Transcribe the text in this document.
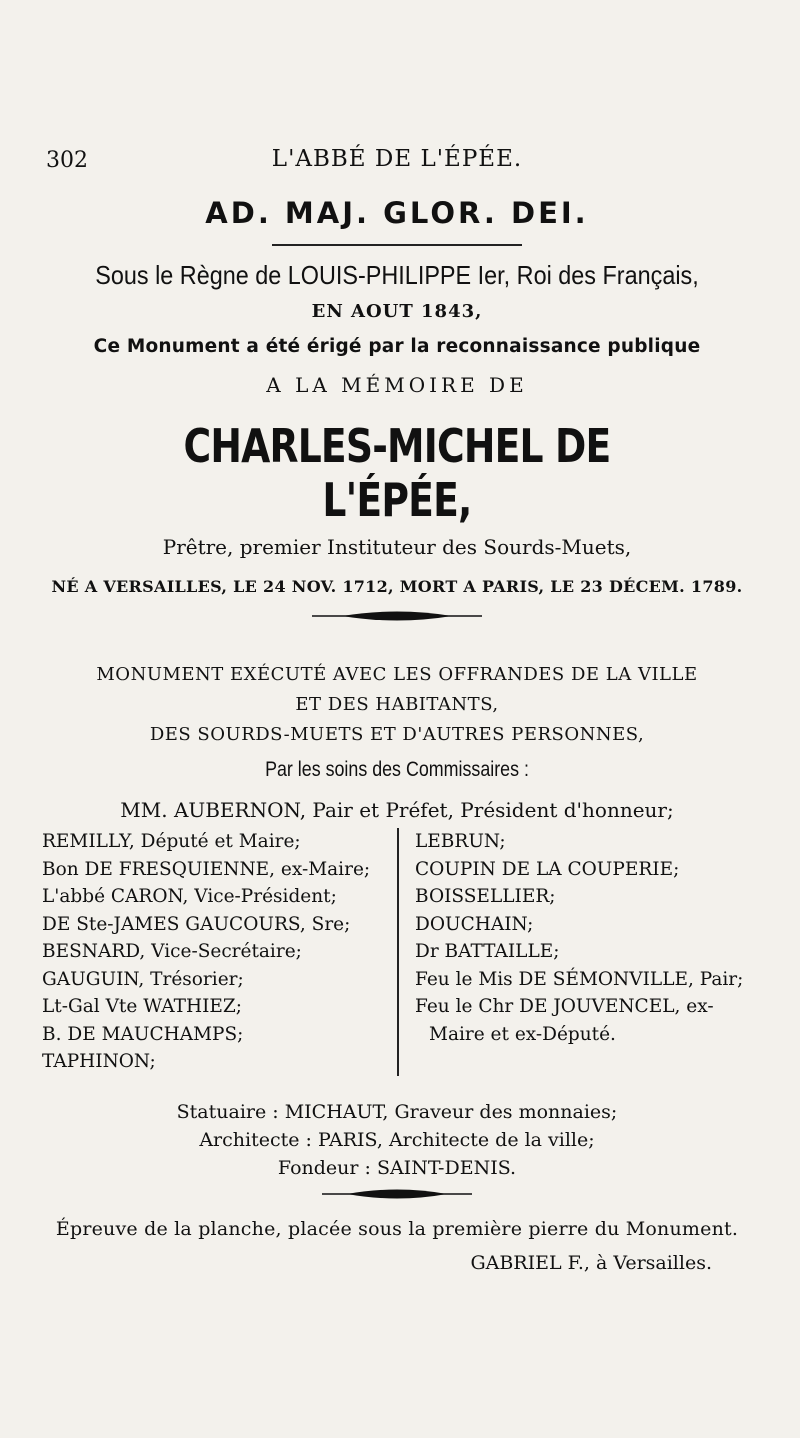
302	L'ABBÉ DE L'ÉPÉE.
AD. MAJ. GLOR. DEI.
Sous le Règne de LOUIS-PHILIPPE Ier, Roi des Français,
EN AOUT 1843,
Ce Monument a été érigé par la reconnaissance publique
A LA MÉMOIRE DE
CHARLES-MICHEL DE L'ÉPÉE,
Prêtre, premier Instituteur des Sourds-Muets,
NÉ A VERSAILLES, LE 24 NOV. 1712, MORT A PARIS, LE 23 DÉCEM. 1789.
MONUMENT EXÉCUTÉ AVEC LES OFFRANDES DE LA VILLE
ET DES HABITANTS,
DES SOURDS-MUETS ET D'AUTRES PERSONNES,
Par les soins des Commissaires :
MM. AUBERNON, Pair et Préfet, Président d'honneur;
REMILLY, Député et Maire;
Bon DE FRESQUIENNE, ex-Maire;
L'abbé CARON, Vice-Président;
DE Ste-JAMES GAUCOURS, Sre;
BESNARD, Vice-Secrétaire;
GAUGUIN, Trésorier;
Lt-Gal Vte WATHIEZ;
B. DE MAUCHAMPS;
TAPHINON;
LEBRUN;
COUPIN DE LA COUPERIE;
BOISSELLIER;
DOUCHAIN;
Dr BATTAILLE;
Feu le Mis DE SÉMONVILLE, Pair;
Feu le Chr DE JOUVENCEL, ex-
Maire et ex-Député.
Statuaire : MICHAUT, Graveur des monnaies;
Architecte : PARIS, Architecte de la ville;
Fondeur : SAINT-DENIS.
Épreuve de la planche, placée sous la première pierre du Monument.
GABRIEL F., à Versailles.
